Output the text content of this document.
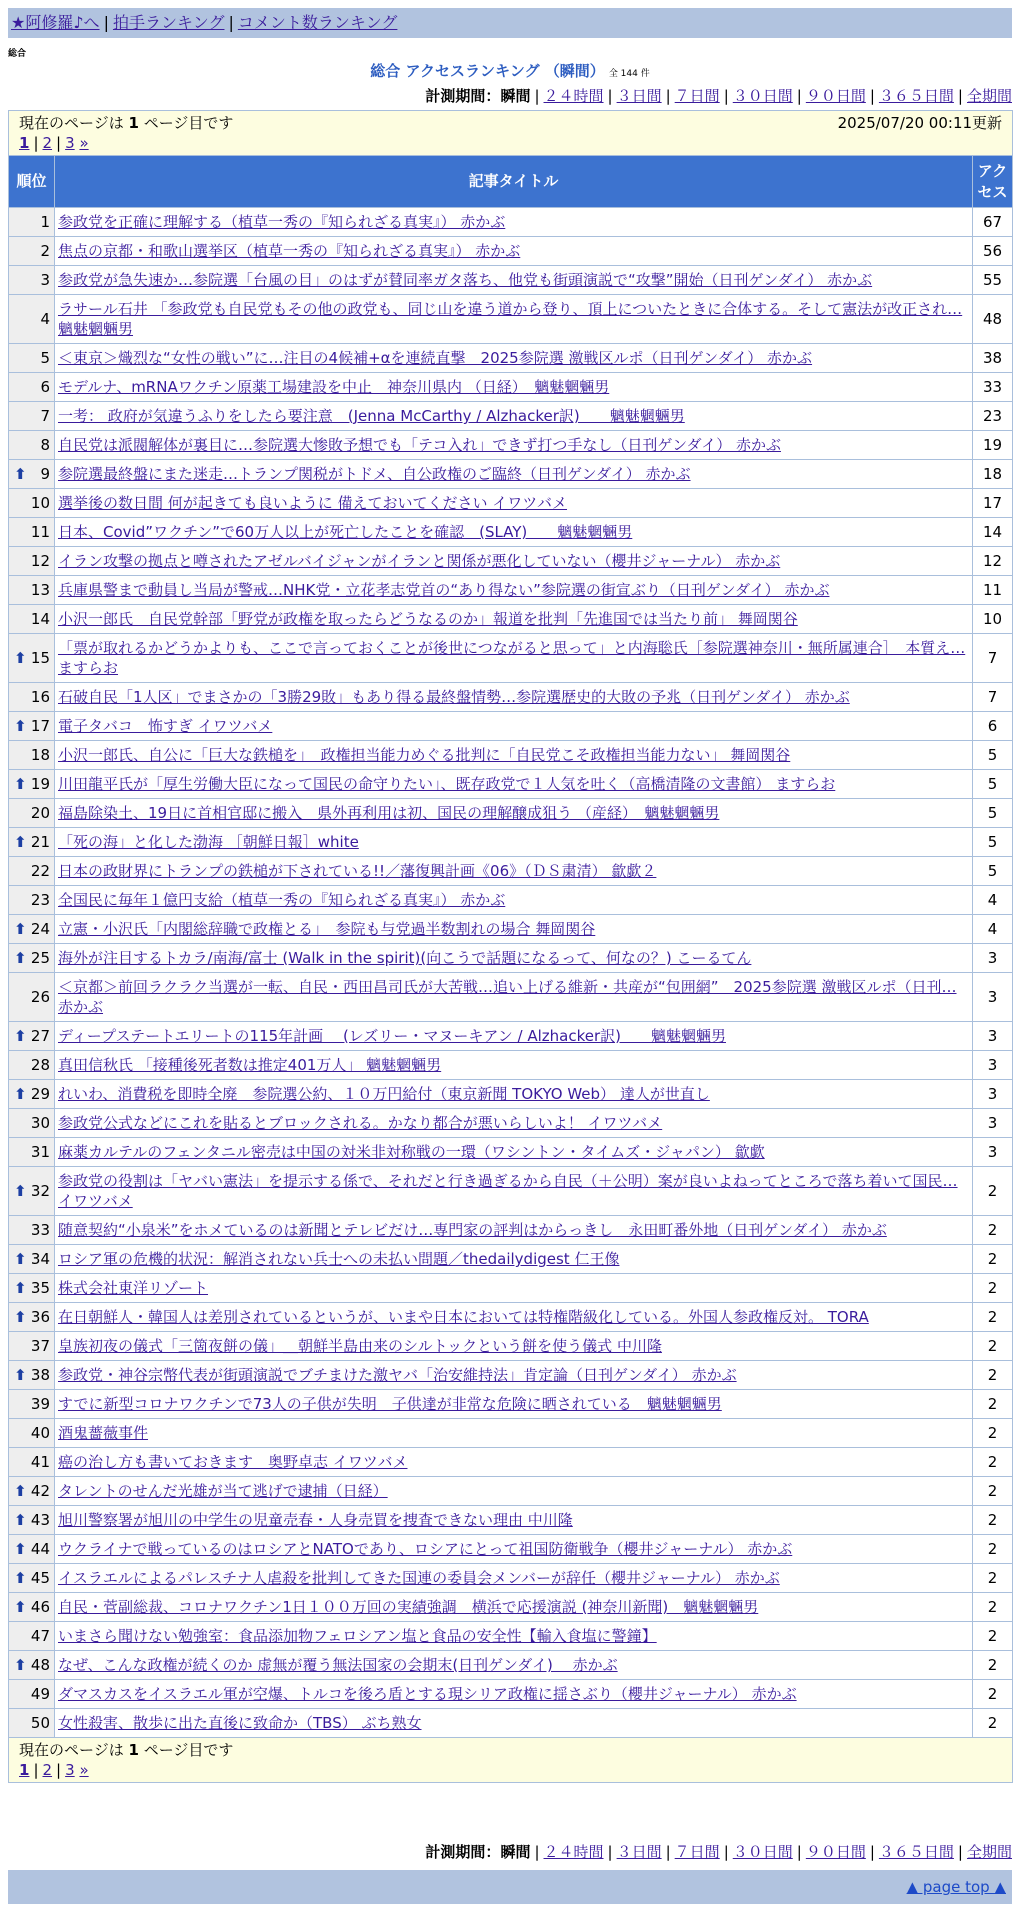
★阿修羅♪へ | 拍手ランキング | コメント数ランキング
総合
総合 アクセスランキング （瞬間） 全 144 件
計測期間：瞬間 | ２４時間 | ３日間 | ７日間 | ３０日間 | ９０日間 | ３６５日間 | 全期間
2025/07/20 00:11更新
現在のページは 1 ページ目です
1 | 2 | 3 »		

順位	記事タイトル	アクセス
1	参政党を正確に理解する（植草一秀の『知られざる真実』） 赤かぶ	67
2	焦点の京都・和歌山選挙区（植草一秀の『知られざる真実』） 赤かぶ	56
3	参政党が急失速か…参院選「台風の目」のはずが賛同率ガタ落ち、他党も街頭演説で“攻撃”開始（日刊ゲンダイ） 赤かぶ	55
4	ラサール石井 「参政党も自民党もその他の政党も、同じ山を違う道から登り、頂上についたときに合体する。そして憲法が改正され… 魑魅魍魎男	48
5	＜東京＞熾烈な“女性の戦い”に…注目の4候補+αを連続直撃　2025参院選 激戦区ルポ（日刊ゲンダイ） 赤かぶ	38
6	モデルナ、mRNAワクチン原薬工場建設を中止　神奈川県内 （日経）　魑魅魍魎男	33
7	一考： 政府が気違うふりをしたら要注意　(Jenna McCarthy / Alzhacker訳)　　魑魅魍魎男	23
8	自民党は派閥解体が裏目に…参院選大惨敗予想でも「テコ入れ」できず打つ手なし（日刊ゲンダイ） 赤かぶ	19

⬆ 9	参院選最終盤にまた迷走…トランプ関税がトドメ、自公政権のご臨終（日刊ゲンダイ） 赤かぶ	18
10	選挙後の数日間 何が起きても良いように 備えておいてください イワツバメ	17
11	日本、Covid”ワクチン”で60万人以上が死亡したことを確認　(SLAY)　　魑魅魍魎男	14
12	イラン攻撃の拠点と噂されたアゼルバイジャンがイランと関係が悪化していない（櫻井ジャーナル） 赤かぶ	12
13	兵庫県警まで動員し当局が警戒…NHK党・立花孝志党首の“あり得ない”参院選の街宣ぶり（日刊ゲンダイ） 赤かぶ	11
14	小沢一郎氏　自民党幹部「野党が政権を取ったらどうなるのか」報道を批判「先進国では当たり前」 舞岡関谷	10

⬆ 15	「票が取れるかどうかよりも、ここで言っておくことが後世につながると思って」と内海聡氏［参院選神奈川・無所属連合］　本質え… ますらお	7
16	石破自民「1人区」でまさかの「3勝29敗」もあり得る最終盤情勢…参院選歴史的大敗の予兆（日刊ゲンダイ） 赤かぶ	7

⬆ 17	電子タバコ　怖すぎ イワツバメ	6
18	小沢一郎氏、自公に「巨大な鉄槌を」　政権担当能力めぐる批判に「自民党こそ政権担当能力ない」 舞岡関谷	5

⬆ 19	川田龍平氏が「厚生労働大臣になって国民の命守りたい」、既存政党で１人気を吐く（高橋清隆の文書館） ますらお	5
20	福島除染土、19日に首相官邸に搬入　県外再利用は初、国民の理解醸成狙う （産経）　魑魅魍魎男	5

⬆ 21	「死の海」と化した渤海 ［朝鮮日報］white	5
22	日本の政財界にトランプの鉄槌が下されている!!／藩復興計画《06》（ＤＳ粛清） 歙歔２	5
23	全国民に毎年１億円支給（植草一秀の『知られざる真実』） 赤かぶ	4

⬆ 24	立憲・小沢氏「内閣総辞職で政権とる」　参院も与党過半数割れの場合 舞岡関谷	4

⬆ 25	海外が注目するトカラ/南海/富士 (Walk in the spirit)(向こうで話題になるって、何なの？) こーるてん	3
26	＜京都＞前回ラクラク当選が一転、自民・西田昌司氏が大苦戦…追い上げる維新・共産が“包囲網”　2025参院選 激戦区ルポ（日刊… 赤かぶ	3

⬆ 27	ディープステートエリートの115年計画　 (レズリー・マヌーキアン / Alzhacker訳)　　魑魅魍魎男	3
28	真田信秋氏 「接種後死者数は推定401万人」 魑魅魍魎男	3

⬆ 29	れいわ、消費税を即時全廃　参院選公約、１０万円給付（東京新聞 TOKYO Web） 達人が世直し	3
30	参政党公式などにこれを貼るとブロックされる。かなり都合が悪いらしいよ！ イワツバメ	3
31	麻薬カルテルのフェンタニル密売は中国の対米非対称戦の一環（ワシントン・タイムズ・ジャパン） 歙歔	3

⬆ 32	参政党の役割は「ヤバい憲法」を提示する係で、それだと行き過ぎるから自民（＋公明）案が良いよねってところで落ち着いて国民… イワツバメ	2
33	随意契約“小泉米”をホメているのは新聞とテレビだけ…専門家の評判はからっきし　永田町番外地（日刊ゲンダイ） 赤かぶ	2

⬆ 34	ロシア軍の危機的状況：解消されない兵士への未払い問題／thedailydigest 仁王像	2

⬆ 35	株式会社東洋リゾート	2

⬆ 36	在日朝鮮人・韓国人は差別されているというが、いまや日本においては特権階級化している。外国人参政権反対。 TORA	2
37	皇族初夜の儀式「三箇夜餅の儀」＿朝鮮半島由来のシルトックという餅を使う儀式 中川隆	2

⬆ 38	参政党・神谷宗幣代表が街頭演説でブチまけた激ヤバ「治安維持法」肯定論（日刊ゲンダイ） 赤かぶ	2
39	すでに新型コロナワクチンで73人の子供が失明　子供達が非常な危険に晒されている　魑魅魍魎男	2
40	酒鬼薔薇事件	2
41	癌の治し方も書いておきます　奥野卓志 イワツバメ	2

⬆ 42	タレントのせんだ光雄が当て逃げで逮捕（日経）	2

⬆ 43	旭川警察署が旭川の中学生の児童売春・人身売買を捜査できない理由 中川隆	2

⬆ 44	ウクライナで戦っているのはロシアとNATOであり、ロシアにとって祖国防衛戦争（櫻井ジャーナル） 赤かぶ	2

⬆ 45	イスラエルによるパレスチナ人虐殺を批判してきた国連の委員会メンバーが辞任（櫻井ジャーナル） 赤かぶ	2

⬆ 46	自民・菅副総裁、コロナワクチン1日１００万回の実績強調　横浜で応援演説 (神奈川新聞)　魑魅魍魎男	2
47	いまさら聞けない勉強室：食品添加物フェロシアン塩と食品の安全性【輸入食塩に警鐘】	2

⬆ 48	なぜ、こんな政権が続くのか 虚無が覆う無法国家の会期末(日刊ゲンダイ)　 赤かぶ	2
49	ダマスカスをイスラエル軍が空爆、トルコを後ろ盾とする現シリア政権に揺さぶり（櫻井ジャーナル） 赤かぶ	2
50	女性殺害、散歩に出た直後に致命か（TBS） ぶち熟女	2

現在のページは 1 ページ目です
1 | 2 | 3 »		
計測期間：瞬間 | ２４時間 | ３日間 | ７日間 | ３０日間 | ９０日間 | ３６５日間 | 全期間
▲ page top ▲
